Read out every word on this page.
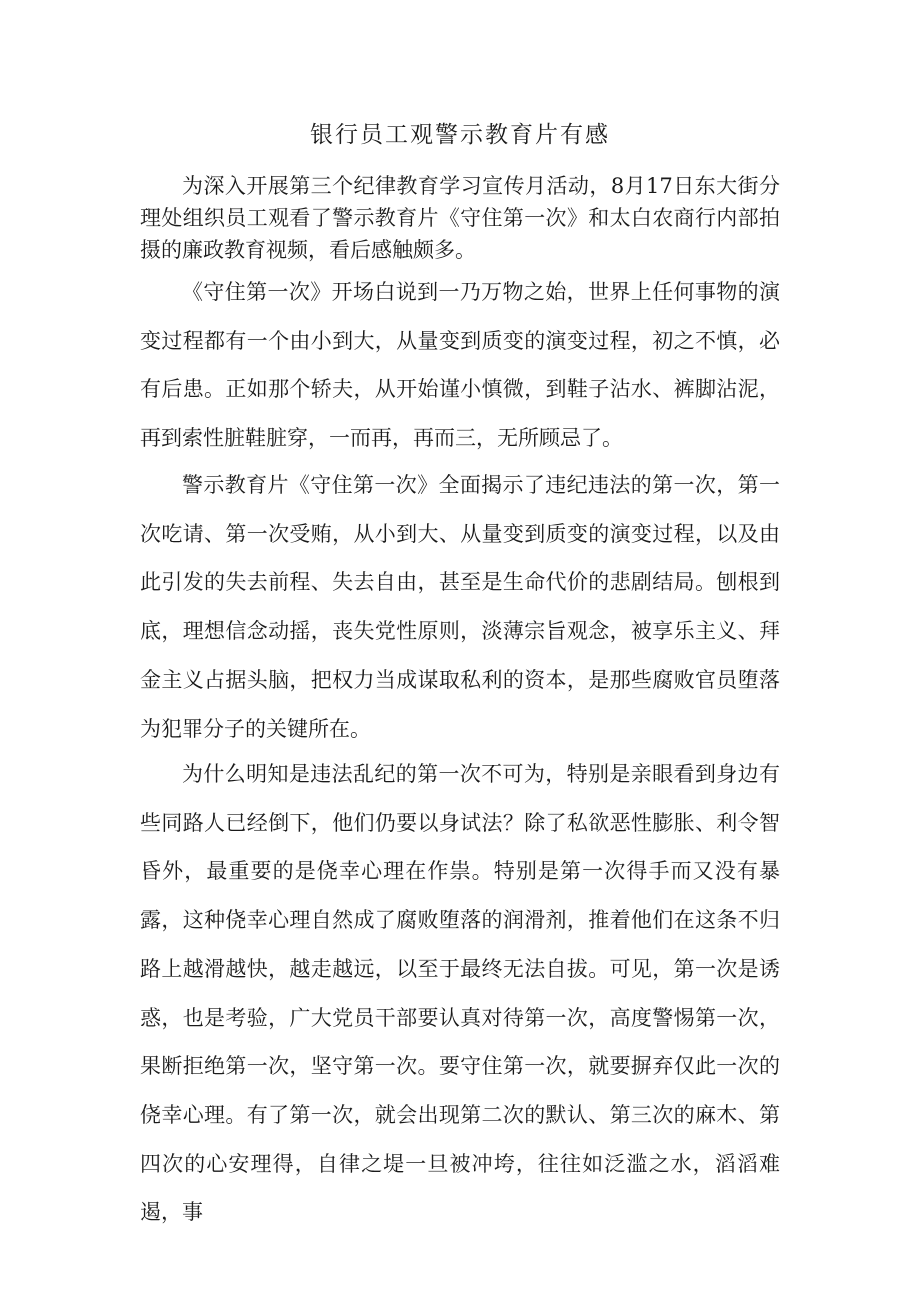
银行员工观警示教育片有感

为深入开展第三个纪律教育学习宣传月活动，8月17日东大街分理处组织员工观看了警示教育片《守住第一次》和太白农商行内部拍摄的廉政教育视频，看后感触颇多。

《守住第一次》开场白说到一乃万物之始，世界上任何事物的演变过程都有一个由小到大，从量变到质变的演变过程，初之不慎，必有后患。正如那个轿夫，从开始谨小慎微，到鞋子沾水、裤脚沾泥，再到索性脏鞋脏穿，一而再，再而三，无所顾忌了。

警示教育片《守住第一次》全面揭示了违纪违法的第一次，第一次吃请、第一次受贿，从小到大、从量变到质变的演变过程，以及由此引发的失去前程、失去自由，甚至是生命代价的悲剧结局。刨根到底，理想信念动摇，丧失党性原则，淡薄宗旨观念，被享乐主义、拜金主义占据头脑，把权力当成谋取私利的资本，是那些腐败官员堕落为犯罪分子的关键所在。

为什么明知是违法乱纪的第一次不可为，特别是亲眼看到身边有些同路人已经倒下，他们仍要以身试法？除了私欲恶性膨胀、利令智昏外，最重要的是侥幸心理在作祟。特别是第一次得手而又没有暴露，这种侥幸心理自然成了腐败堕落的润滑剂，推着他们在这条不归路上越滑越快，越走越远，以至于最终无法自拔。可见，第一次是诱惑，也是考验，广大党员干部要认真对待第一次，高度警惕第一次，果断拒绝第一次，坚守第一次。要守住第一次，就要摒弃仅此一次的侥幸心理。有了第一次，就会出现第二次的默认、第三次的麻木、第四次的心安理得，自律之堤一旦被冲垮，往往如泛滥之水，滔滔难遏，事
